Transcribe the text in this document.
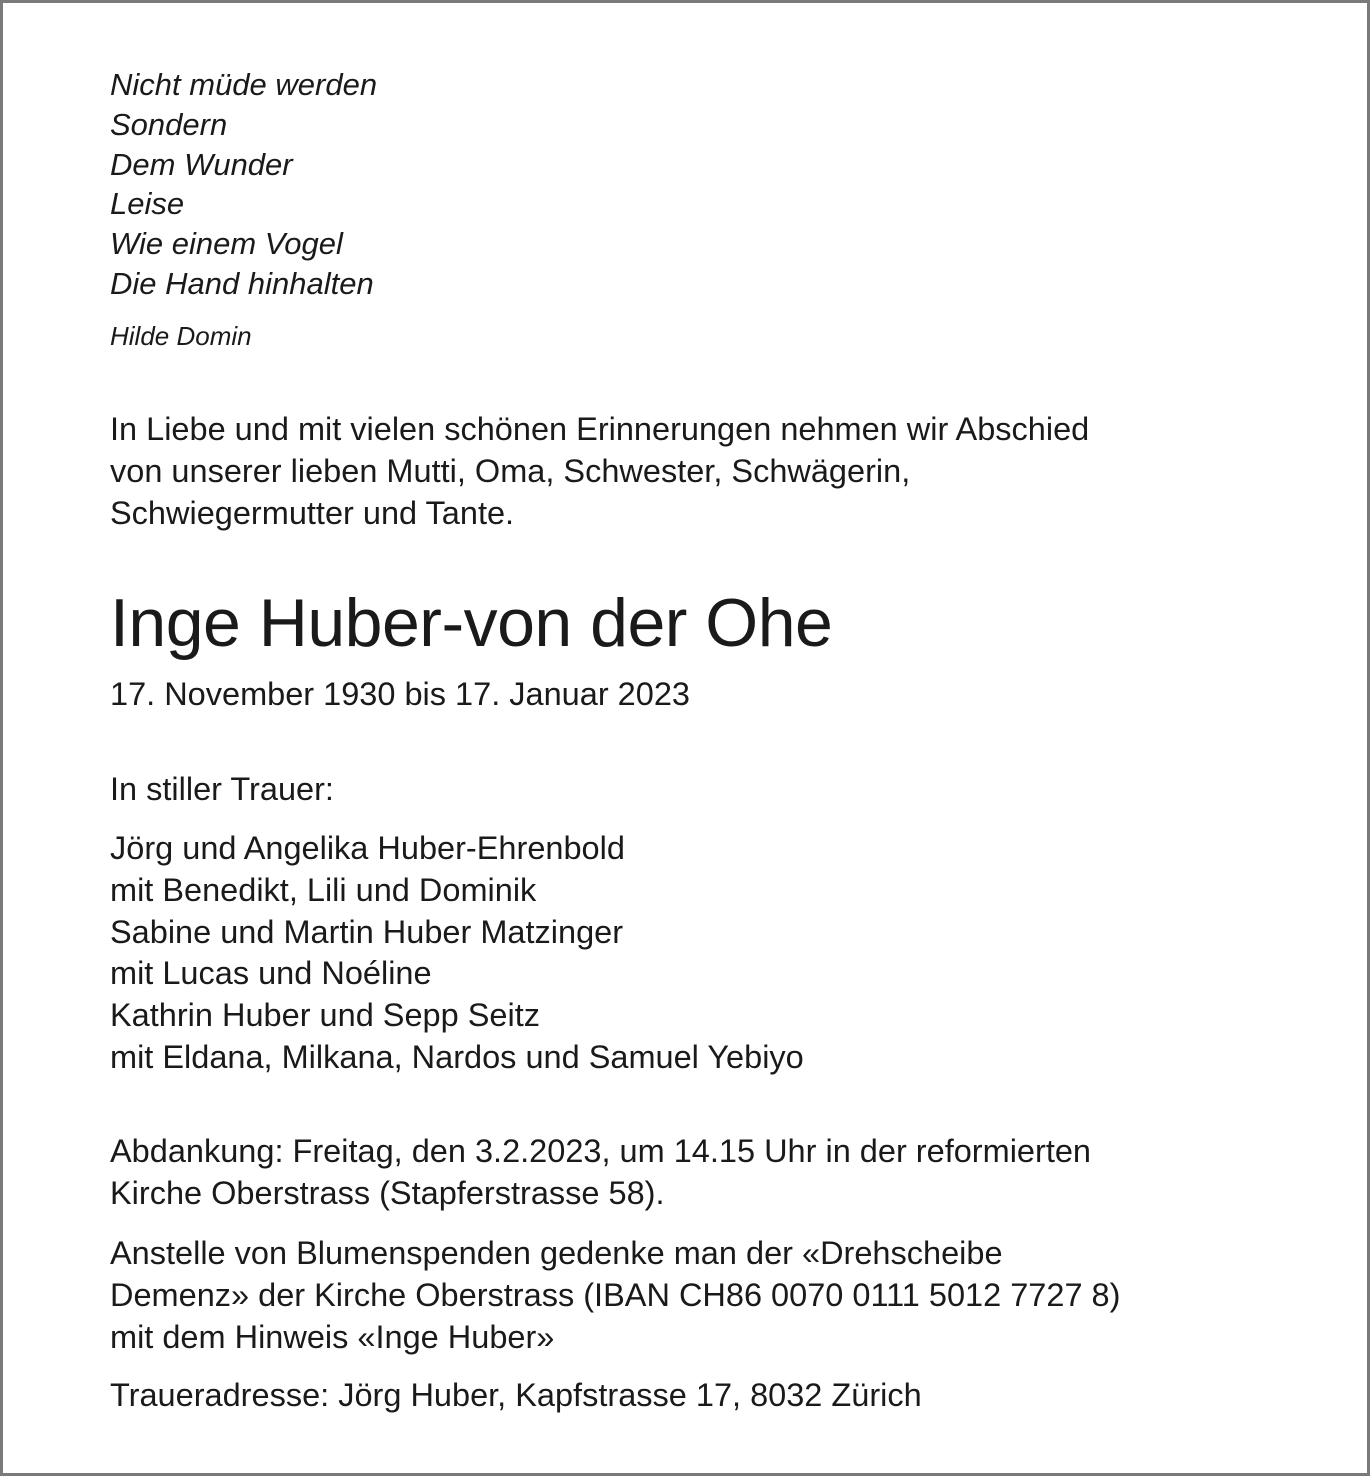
Nicht müde werden
Sondern
Dem Wunder
Leise
Wie einem Vogel
Die Hand hinhalten
Hilde Domin

In Liebe und mit vielen schönen Erinnerungen nehmen wir Abschied
von unserer lieben Mutti, Oma, Schwester, Schwägerin,
Schwiegermutter und Tante.

Inge Huber-von der Ohe
17. November 1930 bis 17. Januar 2023
In stiller Trauer:
Jörg und Angelika Huber-Ehrenbold
mit Benedikt, Lili und Dominik
Sabine und Martin Huber Matzinger
mit Lucas und Noéline
Kathrin Huber und Sepp Seitz
mit Eldana, Milkana, Nardos und Samuel Yebiyo

Abdankung: Freitag, den 3.2.2023, um 14.15 Uhr in der reformierten
Kirche Oberstrass (Stapferstrasse 58).

Anstelle von Blumenspenden gedenke man der «Drehscheibe
Demenz» der Kirche Oberstrass (IBAN CH86 0070 0111 5012 7727 8)
mit dem Hinweis «Inge Huber»

Traueradresse: Jörg Huber, Kapfstrasse 17, 8032 Zürich
